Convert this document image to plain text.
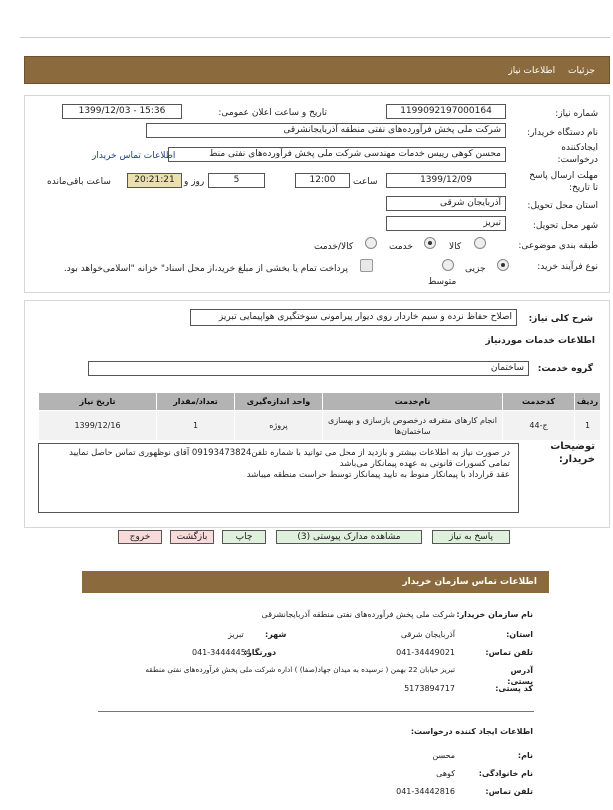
جزئیات اطلاعات نیاز
شماره نیاز:
1199092197000164
تاریخ و ساعت اعلان عمومی:
1399/12/03 - 15:36
نام دستگاه خریدار:
شرکت ملی پخش فرآورده‌های نفتی منطقه آذربایجانشرقی
ایجادکننده درخواست:
محسن کوهی رییس خدمات مهندسی شرکت ملی پخش فرآورده‌های نفتی منط
اطلاعات تماس خریدار
مهلت ارسال پاسخ تا تاریخ:
1399/12/09
ساعت
12:00
5
روز و
20:21:21
ساعت باقی‌مانده
استان محل تحویل:
آذربایجان شرقی
شهر محل تحویل:
تبریز
طبقه بندی موضوعی:
کالا
خدمت
کالا/خدمت
نوع فرآیند خرید:
جزیی
متوسط
پرداخت تمام یا بخشی از مبلغ خرید،از محل اسناد" خزانه "اسلامی‌خواهد بود.
شرح کلی نیاز:
اصلاح حفاظ نرده و سیم خاردار روی دیوار پیرامونی سوختگیری هواپیمایی تبریز
اطلاعات خدمات موردنیاز
گروه خدمت:
ساختمان
ردیف	کدخدمت	نام‌خدمت	واحد اندازه‌گیری	تعداد/مقدار	تاریخ نیاز
1	ج-44	انجام کارهای متفرقه درخصوص بازسازی و بهسازی ساختمان‌ها	پروژه	1	1399/12/16
توضیحات خریدار:
در صورت نیاز به اطلاعات بیشتر و بازدید از محل می توانید با شماره تلفن09193473824 آقای نوظهوری تماس حاصل نمایید
تمامی کسورات قانونی به عهده پیمانکار می‌باشد
عقد قرارداد با پیمانکار منوط به تایید پیمانکار توسط حراست منطقه میباشد
پاسخ به نیاز
مشاهده مدارک پیوستی (3)
چاپ
بازگشت
خروج
اطلاعات تماس سازمان خریدار
نام سازمان خریدار:
شرکت ملی پخش فرآورده‌های نفتی منطقه آذربایجانشرقی
استان:
آذربایجان شرقی
شهر:
تبریز
تلفن تماس:
041-34449021
دورنگار:
041-34444454
آدرس پستی:
تبریز خیابان 22 بهمن ( نرسیده به میدان جهاد(صفا) ) اداره شرکت ملی پخش فرآورده‌های نفتی منطقه
کد پستی:
5173894717
اطلاعات ایجاد کننده درخواست:
نام:
محسن
نام خانوادگی:
کوهی
تلفن تماس:
041-34442816
